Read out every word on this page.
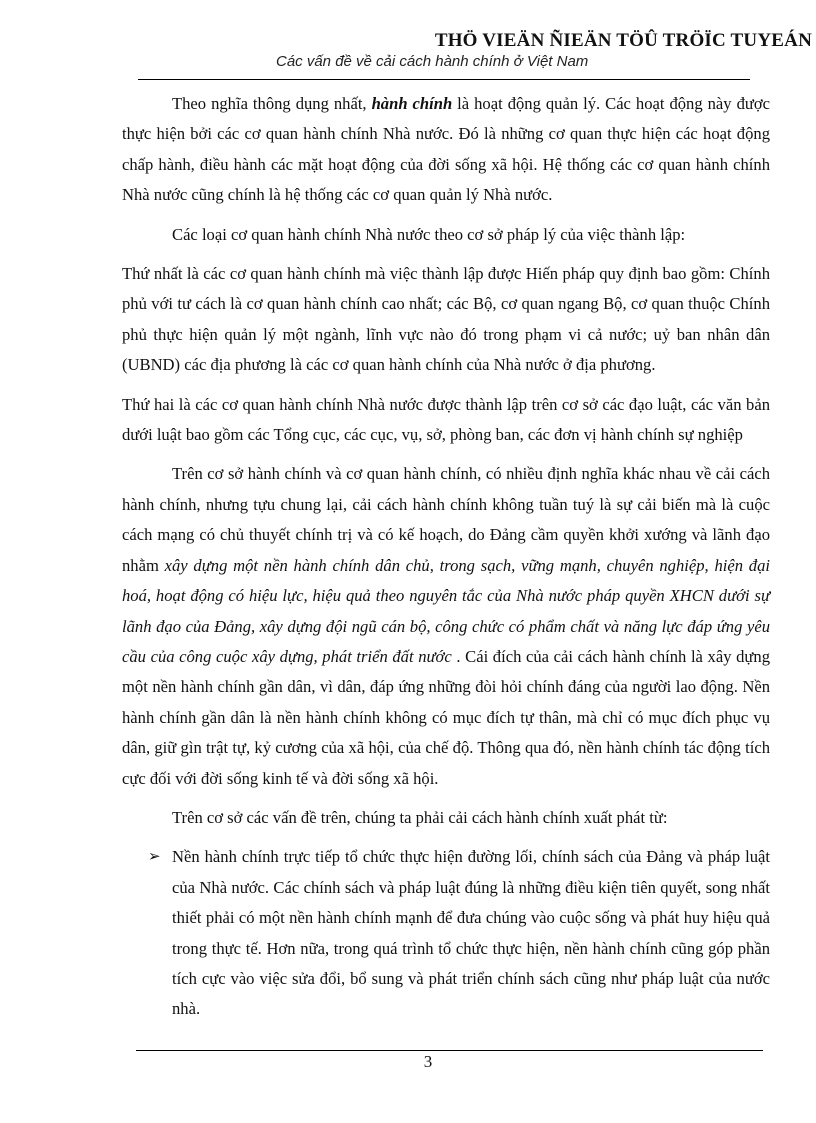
THÖ VIEÄN ÑIEÄN TÖÛ TRÖÏC TUYEÁN
Các vấn đề về cải cách hành chính ở Việt Nam

Theo nghĩa thông dụng nhất, hành chính là hoạt động quản lý. Các hoạt động này được thực hiện bởi các cơ quan hành chính Nhà nước. Đó là những cơ quan thực hiện các hoạt động chấp hành, điều hành các mặt hoạt động của đời sống xã hội. Hệ thống các cơ quan hành chính Nhà nước cũng chính là hệ thống các cơ quan quản lý Nhà nước.

Các loại cơ quan hành chính Nhà nước theo cơ sở pháp lý của việc thành lập:

Thứ nhất là các cơ quan hành chính mà việc thành lập được Hiến pháp quy định bao gồm: Chính phủ với tư cách là cơ quan hành chính cao nhất; các Bộ, cơ quan ngang Bộ, cơ quan thuộc Chính phủ thực hiện quản lý một ngành, lĩnh vực nào đó trong phạm vi cả nước; uỷ ban nhân dân (UBND) các địa phương là các cơ quan hành chính của Nhà nước ở địa phương.

Thứ hai là các cơ quan hành chính Nhà nước được thành lập trên cơ sở các đạo luật, các văn bản dưới luật bao gồm các Tổng cục, các cục, vụ, sở, phòng ban, các đơn vị hành chính sự nghiệp

Trên cơ sở hành chính và cơ quan hành chính, có nhiều định nghĩa khác nhau về cải cách hành chính, nhưng tựu chung lại, cải cách hành chính không tuần tuý là sự cải biến mà là cuộc cách mạng có chủ thuyết chính trị và có kế hoạch, do Đảng cầm quyền khởi xướng và lãnh đạo nhằm xây dựng một nền hành chính dân chủ, trong sạch, vững mạnh, chuyên nghiệp, hiện đại hoá, hoạt động có hiệu lực, hiệu quả theo nguyên tắc của Nhà nước pháp quyền XHCN dưới sự lãnh đạo của Đảng, xây dựng đội ngũ cán bộ, công chức có phẩm chất và năng lực đáp ứng yêu cầu của công cuộc xây dựng, phát triển đất nước . Cái đích của cải cách hành chính là xây dựng một nền hành chính gần dân, vì dân, đáp ứng những đòi hỏi chính đáng của người lao động. Nền hành chính gần dân là nền hành chính không có mục đích tự thân, mà chỉ có mục đích phục vụ dân, giữ gìn trật tự, kỷ cương của xã hội, của chế độ. Thông qua đó, nền hành chính tác động tích cực đối với đời sống kinh tế và đời sống xã hội.

Trên cơ sở các vấn đề trên, chúng ta phải cải cách hành chính xuất phát từ:

➢ Nền hành chính trực tiếp tổ chức thực hiện đường lối, chính sách của Đảng và pháp luật của Nhà nước. Các chính sách và pháp luật đúng là những điều kiện tiên quyết, song nhất thiết phải có một nền hành chính mạnh để đưa chúng vào cuộc sống và phát huy hiệu quả trong thực tế. Hơn nữa, trong quá trình tổ chức thực hiện, nền hành chính cũng góp phần tích cực vào việc sửa đổi, bổ sung và phát triển chính sách cũng như pháp luật của nước nhà.
3
